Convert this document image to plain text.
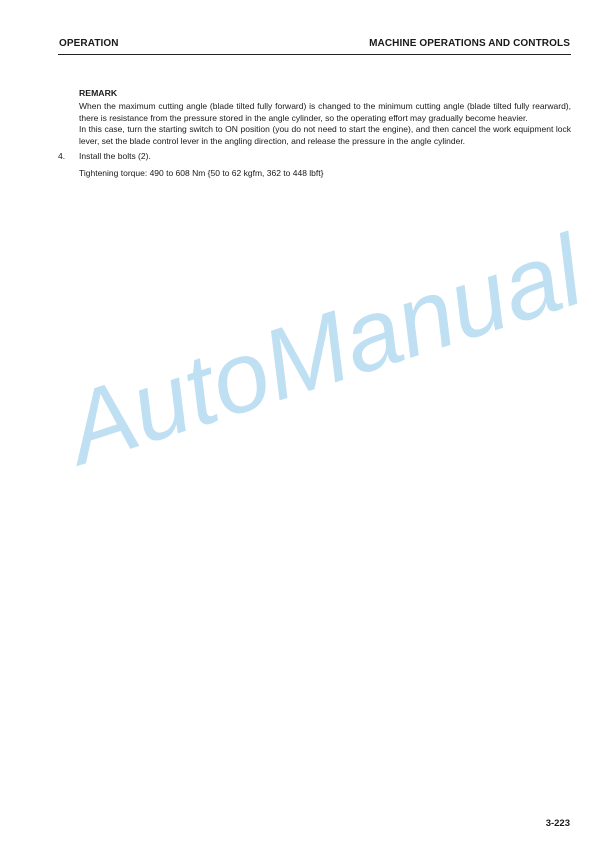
OPERATION	MACHINE OPERATIONS AND CONTROLS
REMARK

When the maximum cutting angle (blade tilted fully forward) is changed to the minimum cutting angle (blade tilted fully rearward), there is resistance from the pressure stored in the angle cylinder, so the operating effort may gradually become heavier.

In this case, turn the starting switch to ON position (you do not need to start the engine), and then cancel the work equipment lock lever, set the blade control lever in the angling direction, and release the pressure in the angle cylinder.

4. Install the bolts (2).
Tightening torque: 490 to 608 Nm {50 to 62 kgfm, 362 to 448 lbft}
AutoManual
3-223
